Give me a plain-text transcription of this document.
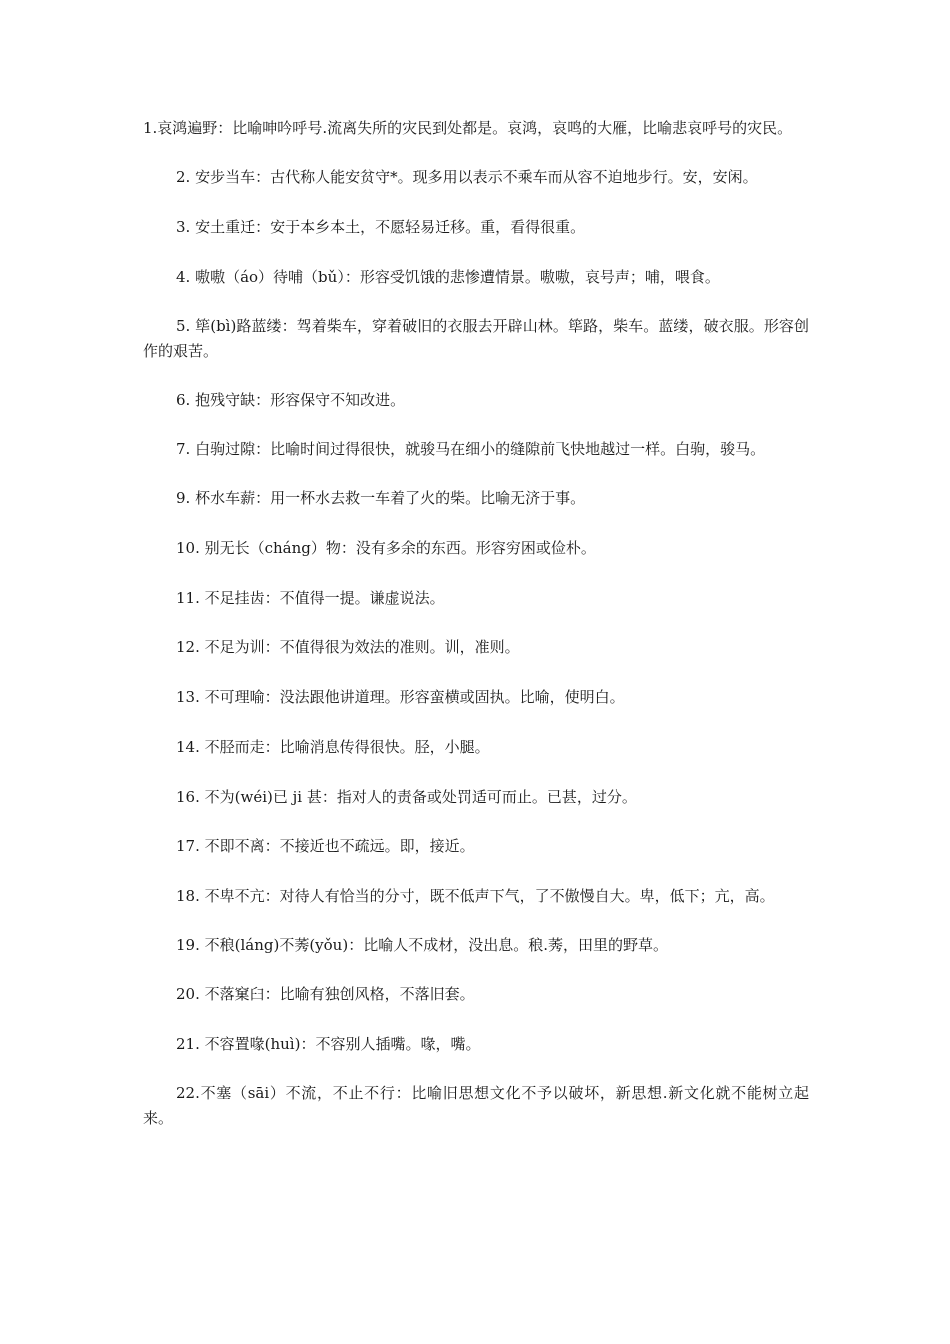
1.哀鸿遍野：比喻呻吟呼号.流离失所的灾民到处都是。哀鸿，哀鸣的大雁，比喻悲哀呼号的灾民。

2. 安步当车：古代称人能安贫守*。现多用以表示不乘车而从容不迫地步行。安，安闲。

3. 安土重迁：安于本乡本土，不愿轻易迁移。重，看得很重。

4. 嗷嗷（áo）待哺（bǔ）：形容受饥饿的悲惨遭情景。嗷嗷，哀号声；哺，喂食。

5. 筚(bì)路蓝缕：驾着柴车，穿着破旧的衣服去开辟山林。筚路，柴车。蓝缕，破衣服。形容创作的艰苦。

6. 抱残守缺：形容保守不知改进。

7. 白驹过隙：比喻时间过得很快，就骏马在细小的缝隙前飞快地越过一样。白驹，骏马。

9. 杯水车薪：用一杯水去救一车着了火的柴。比喻无济于事。

10. 别无长（cháng）物：没有多余的东西。形容穷困或俭朴。

11. 不足挂齿：不值得一提。谦虚说法。

12. 不足为训：不值得很为效法的准则。训，准则。

13. 不可理喻：没法跟他讲道理。形容蛮横或固执。比喻，使明白。

14. 不胫而走：比喻消息传得很快。胫，小腿。

16. 不为(wéi)已 ji 甚：指对人的责备或处罚适可而止。已甚，过分。

17. 不即不离：不接近也不疏远。即，接近。

18. 不卑不亢：对待人有恰当的分寸，既不低声下气，了不傲慢自大。卑，低下；亢，高。

19. 不稂(láng)不莠(yǒu)：比喻人不成材，没出息。稂.莠，田里的野草。

20. 不落窠臼：比喻有独创风格，不落旧套。

21. 不容置喙(huì)：不容别人插嘴。喙，嘴。

22.不塞（sāi）不流，不止不行：比喻旧思想文化不予以破坏，新思想.新文化就不能树立起来。
